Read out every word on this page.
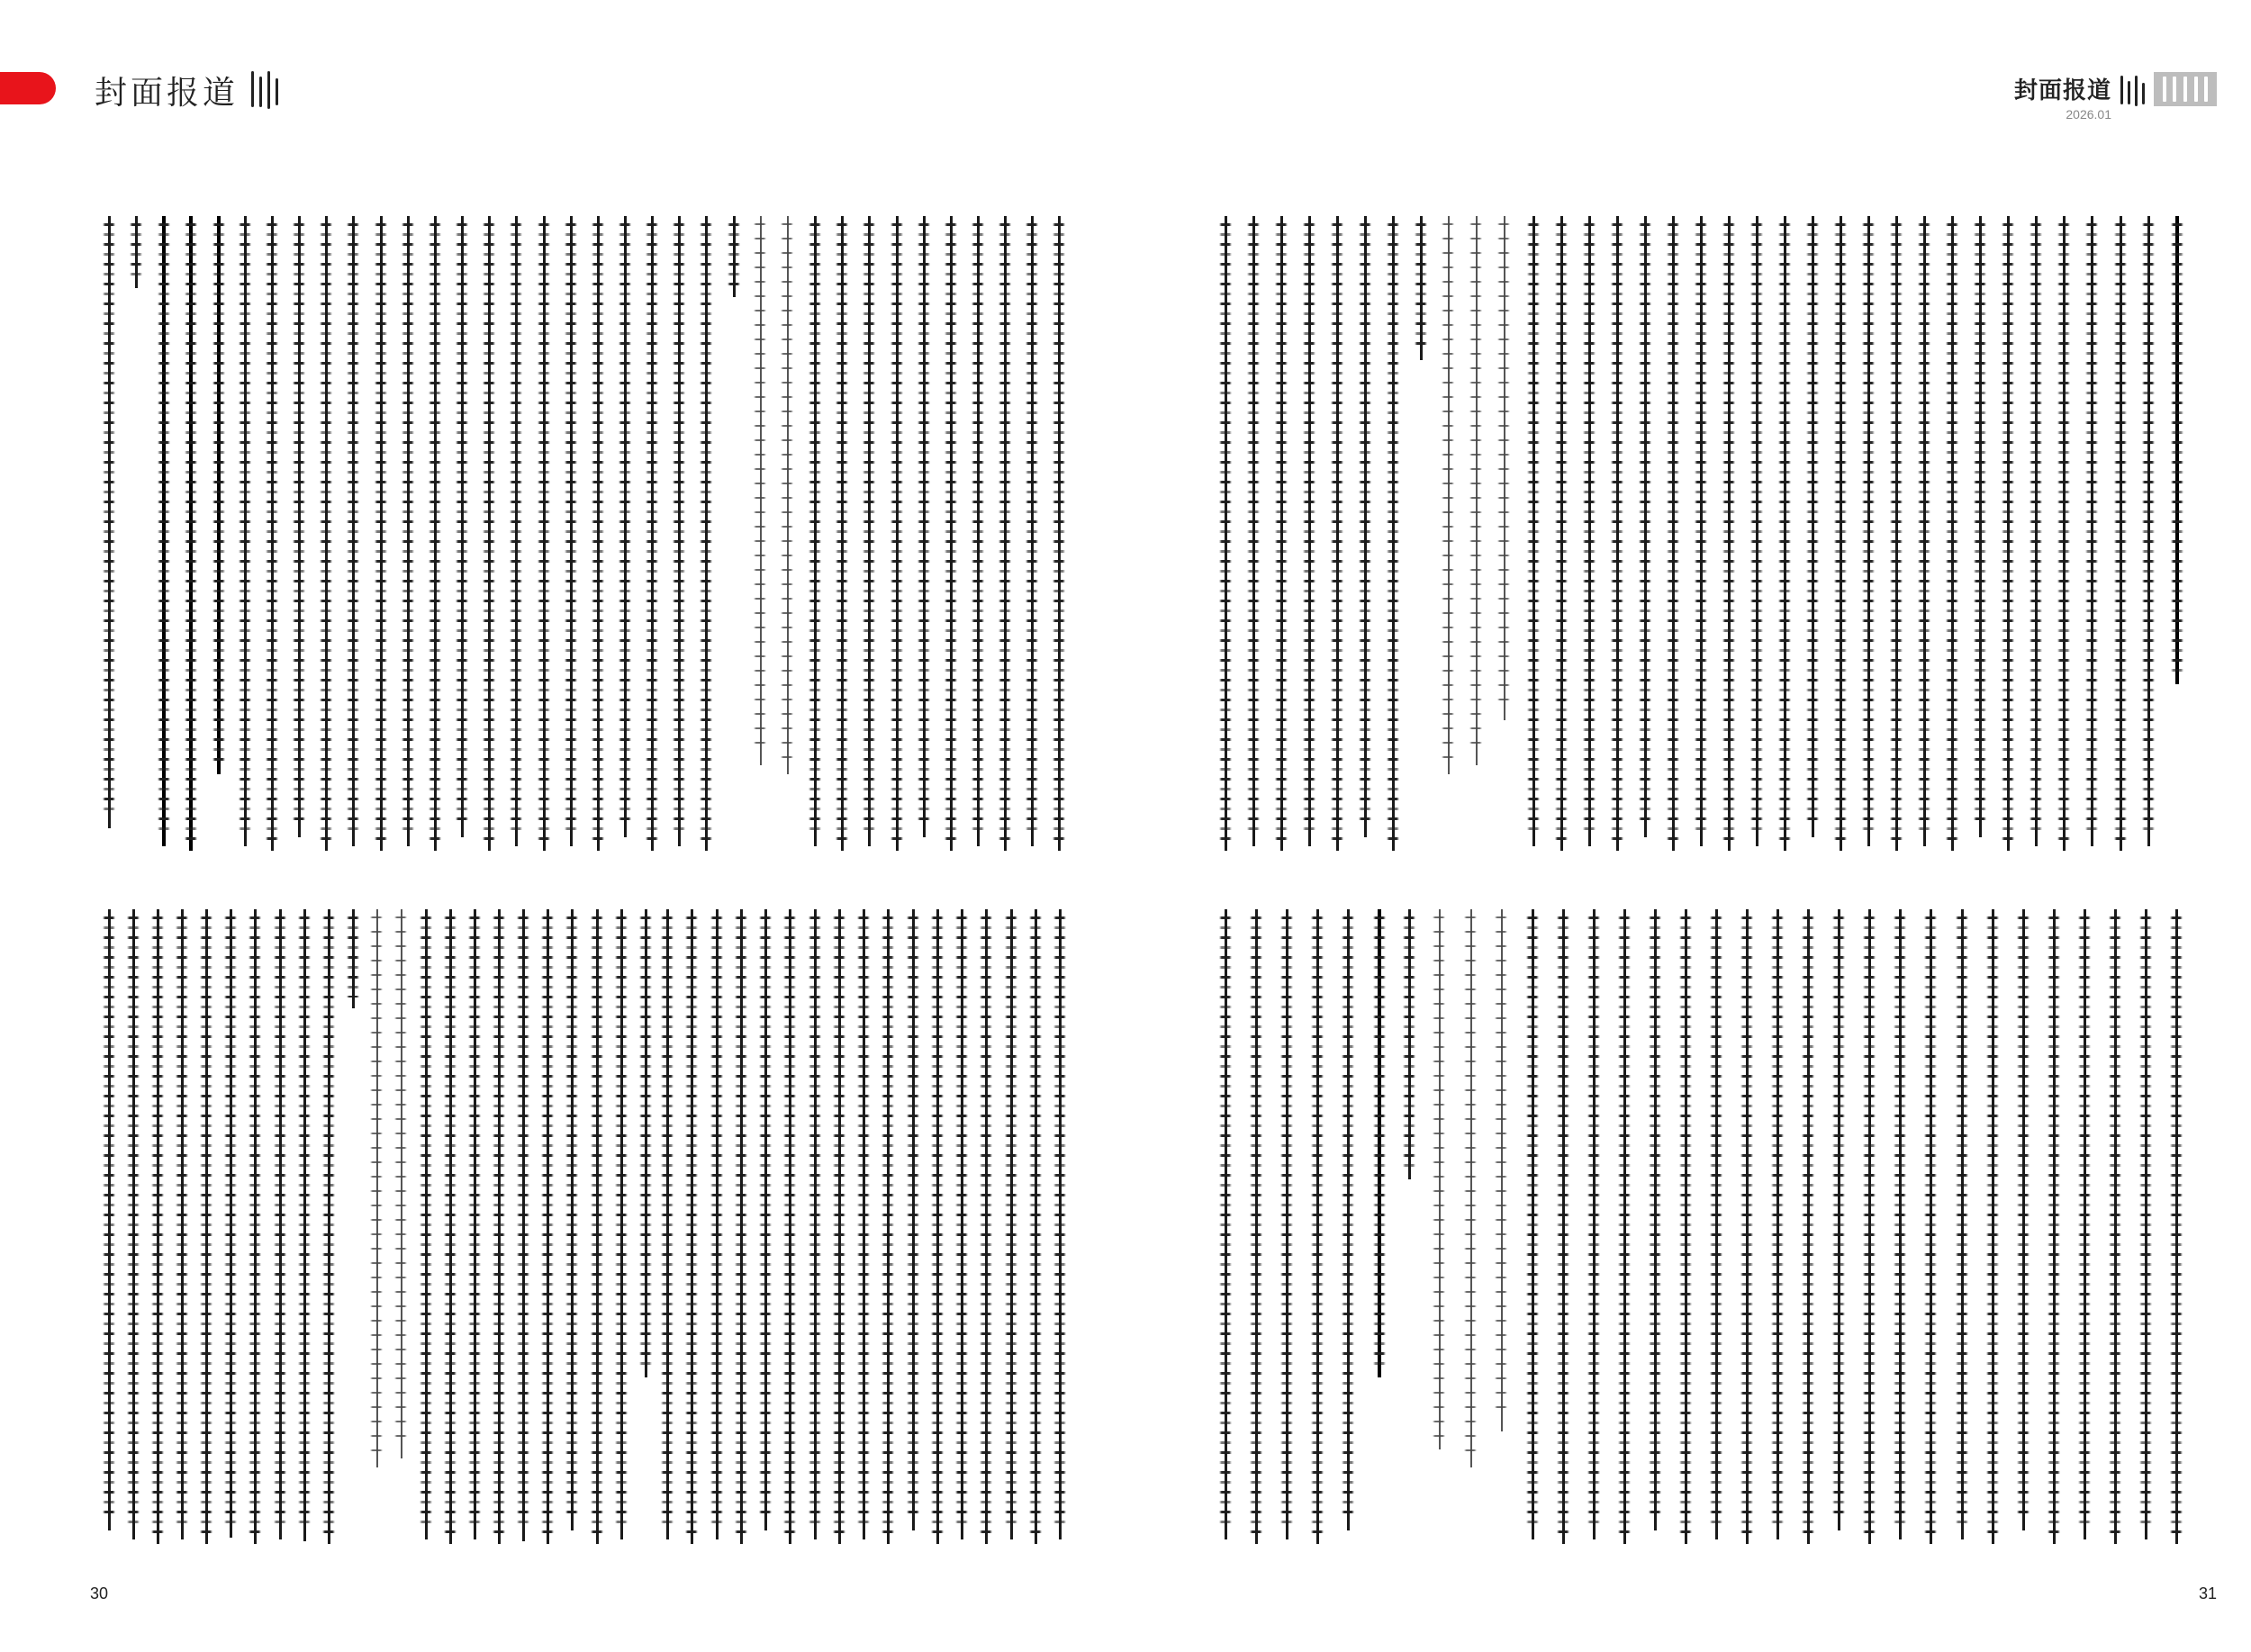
封面报道
30
封面报道
2026.01
31
